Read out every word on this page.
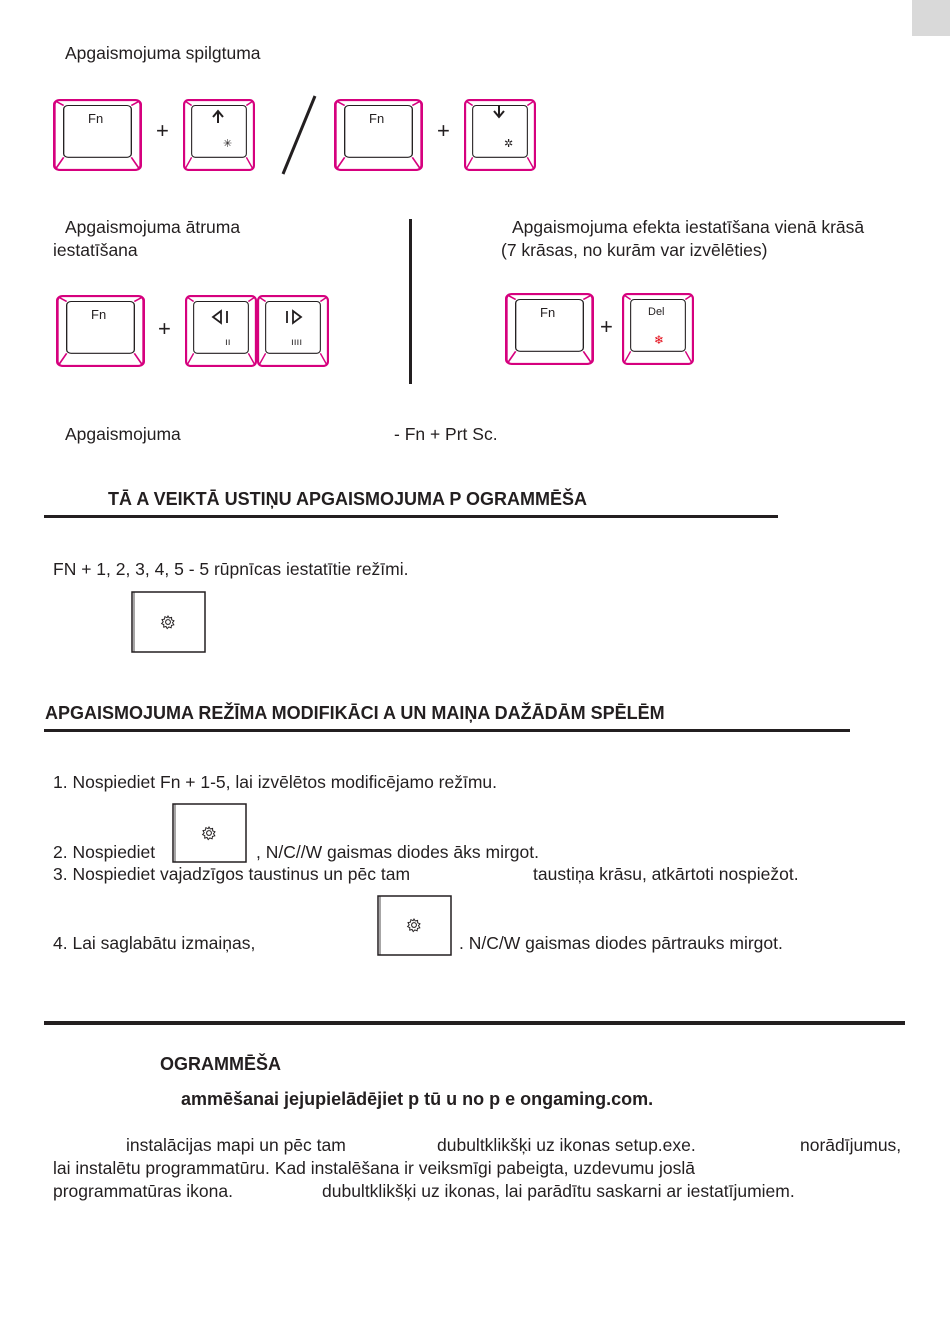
Apgaismojuma spilgtuma
Fn +
✳
Fn +
✲
Apgaismojuma ātruma
iestatīšana
Fn
+
ıı	ıııı
Apgaismojuma efekta iestatīšana vienā krāsā
(7 krāsas, no kurām var izvēlēties)
Fn
+
Del
❄
Apgaismojuma	- Fn + Prt Sc.
TĀ A VEIKTĀ USTIŅU APGAISMOJUMA P OGRAMMĒŠA
FN + 1, 2, 3, 4, 5 - 5 rūpnīcas iestatītie režīmi.
APGAISMOJUMA REŽĪMA MODIFIKĀCI A UN MAIŅA DAŽĀDĀM SPĒLĒM
1. Nospiediet Fn + 1-5, lai izvēlētos modificējamo režīmu.
2. Nospiediet	, N/C//W gaismas diodes āks mirgot.
3. Nospiediet vajadzīgos taustinus un pēc tam	taustiņa krāsu, atkārtoti nospiežot.
4. Lai saglabātu izmaiņas,	. N/C/W gaismas diodes pārtrauks mirgot.
OGRAMMĒŠA
ammēšanai jejupielādējiet p tū u no p e ongaming.com.
instalācijas mapi un pēc tam	dubultklikšķi uz ikonas setup.exe.	norādījumus,
lai instalētu programmatūru. Kad instalēšana ir veiksmīgi pabeigta, uzdevumu joslā
programmatūras ikona.	dubultklikšķi uz ikonas, lai parādītu saskarni ar iestatījumiem.
